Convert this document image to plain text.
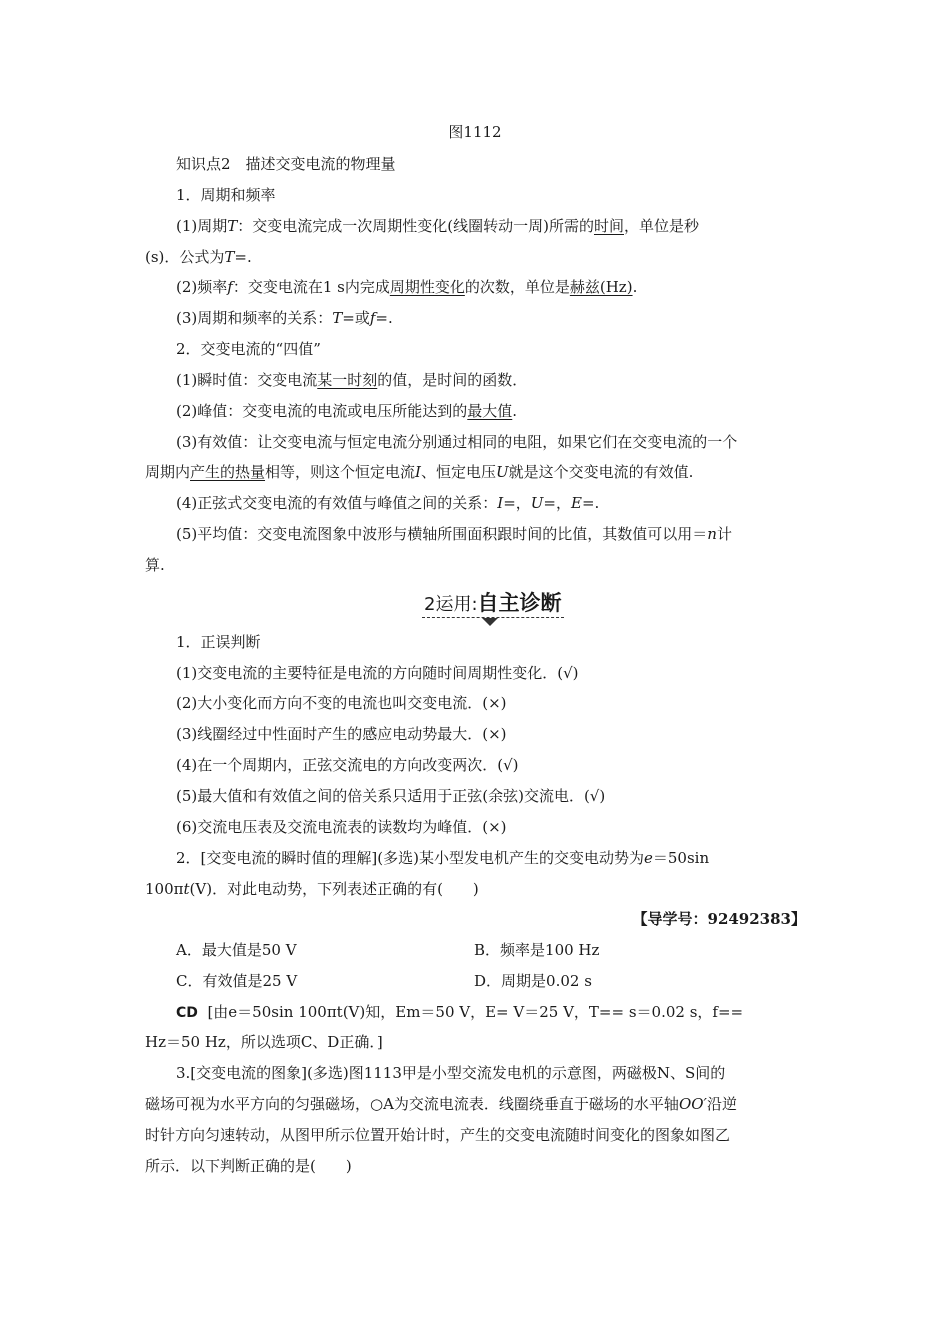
图1112
知识点2　描述交变电流的物理量
1．周期和频率
(1)周期T：交变电流完成一次周期性变化(线圈转动一周)所需的时间，单位是秒
(s)．公式为T=.
(2)频率f：交变电流在1 s内完成周期性变化的次数，单位是赫兹(Hz).
(3)周期和频率的关系：T=或f=.
2．交变电流的“四值”
(1)瞬时值：交变电流某一时刻的值，是时间的函数．
(2)峰值：交变电流的电流或电压所能达到的最大值.
(3)有效值：让交变电流与恒定电流分别通过相同的电阻，如果它们在交变电流的一个
周期内产生的热量相等，则这个恒定电流I、恒定电压U就是这个交变电流的有效值.
(4)正弦式交变电流的有效值与峰值之间的关系：I=，U=，E=.
(5)平均值：交变电流图象中波形与横轴所围面积跟时间的比值，其数值可以用＝n计
算.
2运用:自主诊断
1．正误判断
(1)交变电流的主要特征是电流的方向随时间周期性变化．(√)
(2)大小变化而方向不变的电流也叫交变电流．(×)
(3)线圈经过中性面时产生的感应电动势最大．(×)
(4)在一个周期内，正弦交流电的方向改变两次．(√)
(5)最大值和有效值之间的倍关系只适用于正弦(余弦)交流电．(√)
(6)交流电压表及交流电流表的读数均为峰值．(×)
2．[交变电流的瞬时值的理解](多选)某小型发电机产生的交变电动势为e＝50sin
100πt(V)．对此电动势，下列表述正确的有(　　)
【导学号：92492383】
A．最大值是50 V	B．频率是100 Hz
C．有效值是25 V	D．周期是0.02 s
CD [由e＝50sin 100πt(V)知，Em＝50 V，E= V＝25 V，T== s＝0.02 s，f==
Hz＝50 Hz，所以选项C、D正确．]
3.[交变电流的图象](多选)图1113甲是小型交流发电机的示意图，两磁极N、S间的
磁场可视为水平方向的匀强磁场，○A为交流电流表．线圈绕垂直于磁场的水平轴OO′沿逆
时针方向匀速转动，从图甲所示位置开始计时，产生的交变电流随时间变化的图象如图乙
所示．以下判断正确的是(　　)
